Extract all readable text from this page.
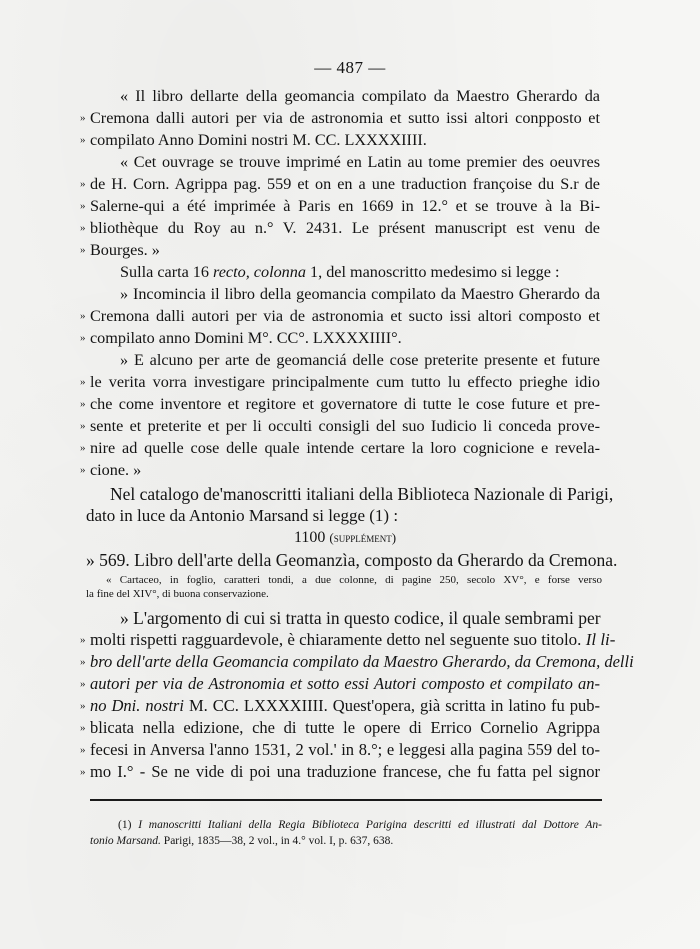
— 487 —
« Il libro dellarte della geomancia compilato da Maestro Gherardo da
» Cremona dalli autori per via de astronomia et sutto issi altori conpposto et
» compilato Anno Domini nostri M. CC. LXXXXIIII.
« Cet ouvrage se trouve imprimé en Latin au tome premier des oeuvres
» de H. Corn. Agrippa pag. 559 et on en a une traduction françoise du S.r de
» Salerne-qui a été imprimée à Paris en 1669 in 12.° et se trouve à la Bi-
» bliothèque du Roy au n.° V. 2431. Le présent manuscript est venu de
» Bourges. »
Sulla carta 16 recto, colonna 1, del manoscritto medesimo si legge :
» Incomincia il libro della geomancia compilato da Maestro Gherardo da
» Cremona dalli autori per via de astronomia et sucto issi altori composto et
» compilato anno Domini M°. CC°. LXXXXIIII°.
» E alcuno per arte de geomanciá delle cose preterite presente et future
» le verita vorra investigare principalmente cum tutto lu effecto prieghe idio
» che come inventore et regitore et governatore di tutte le cose future et pre-
» sente et preterite et per li occulti consigli del suo Iudicio li conceda prove-
» nire ad quelle cose delle quale intende certare la loro cognicione e revela-
» cione. »
Nel catalogo de'manoscritti italiani della Biblioteca Nazionale di Parigi,
dato in luce da Antonio Marsand si legge (1) :
1100 (supplément)
» 569. Libro dell'arte della Geomanzìa, composto da Gherardo da Cremona.
« Cartaceo, in foglio, caratteri tondi, a due colonne, di pagine 250, secolo XV°, e forse verso
la fine del XIV°, di buona conservazione.
» L'argomento di cui si tratta in questo codice, il quale sembrami per
» molti rispetti ragguardevole, è chiaramente detto nel seguente suo titolo. Il li-
» bro dell'arte della Geomancia compilato da Maestro Gherardo, da Cremona, delli
» autori per via de Astronomia et sotto essi Autori composto et compilato an-
» no Dni. nostri M. CC. LXXXXIIII. Quest'opera, già scritta in latino fu pub-
» blicata nella edizione, che di tutte le opere di Errico Cornelio Agrippa
» fecesi in Anversa l'anno 1531, 2 vol.' in 8.°; e leggesi alla pagina 559 del to-
» mo I.° - Se ne vide di poi una traduzione francese, che fu fatta pel signor
(1) I manoscritti Italiani della Regia Biblioteca Parigina descritti ed illustrati dal Dottore An-
tonio Marsand. Parigi, 1835—38, 2 vol., in 4.° vol. I, p. 637, 638.
